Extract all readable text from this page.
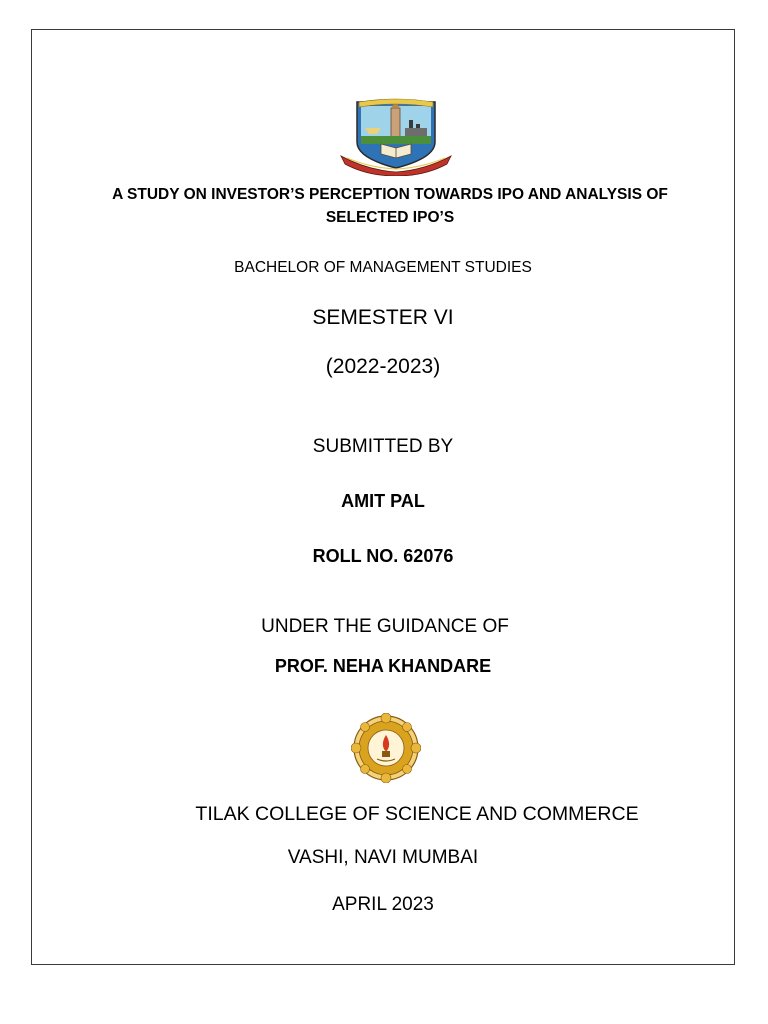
A STUDY ON INVESTOR’S PERCEPTION TOWARDS IPO AND ANALYSIS OF SELECTED IPO’S
BACHELOR OF MANAGEMENT STUDIES
SEMESTER VI
(2022-2023)
SUBMITTED BY
AMIT PAL
ROLL NO. 62076
UNDER THE GUIDANCE OF
PROF. NEHA KHANDARE
TILAK COLLEGE OF SCIENCE AND COMMERCE
VASHI, NAVI MUMBAI
APRIL 2023
